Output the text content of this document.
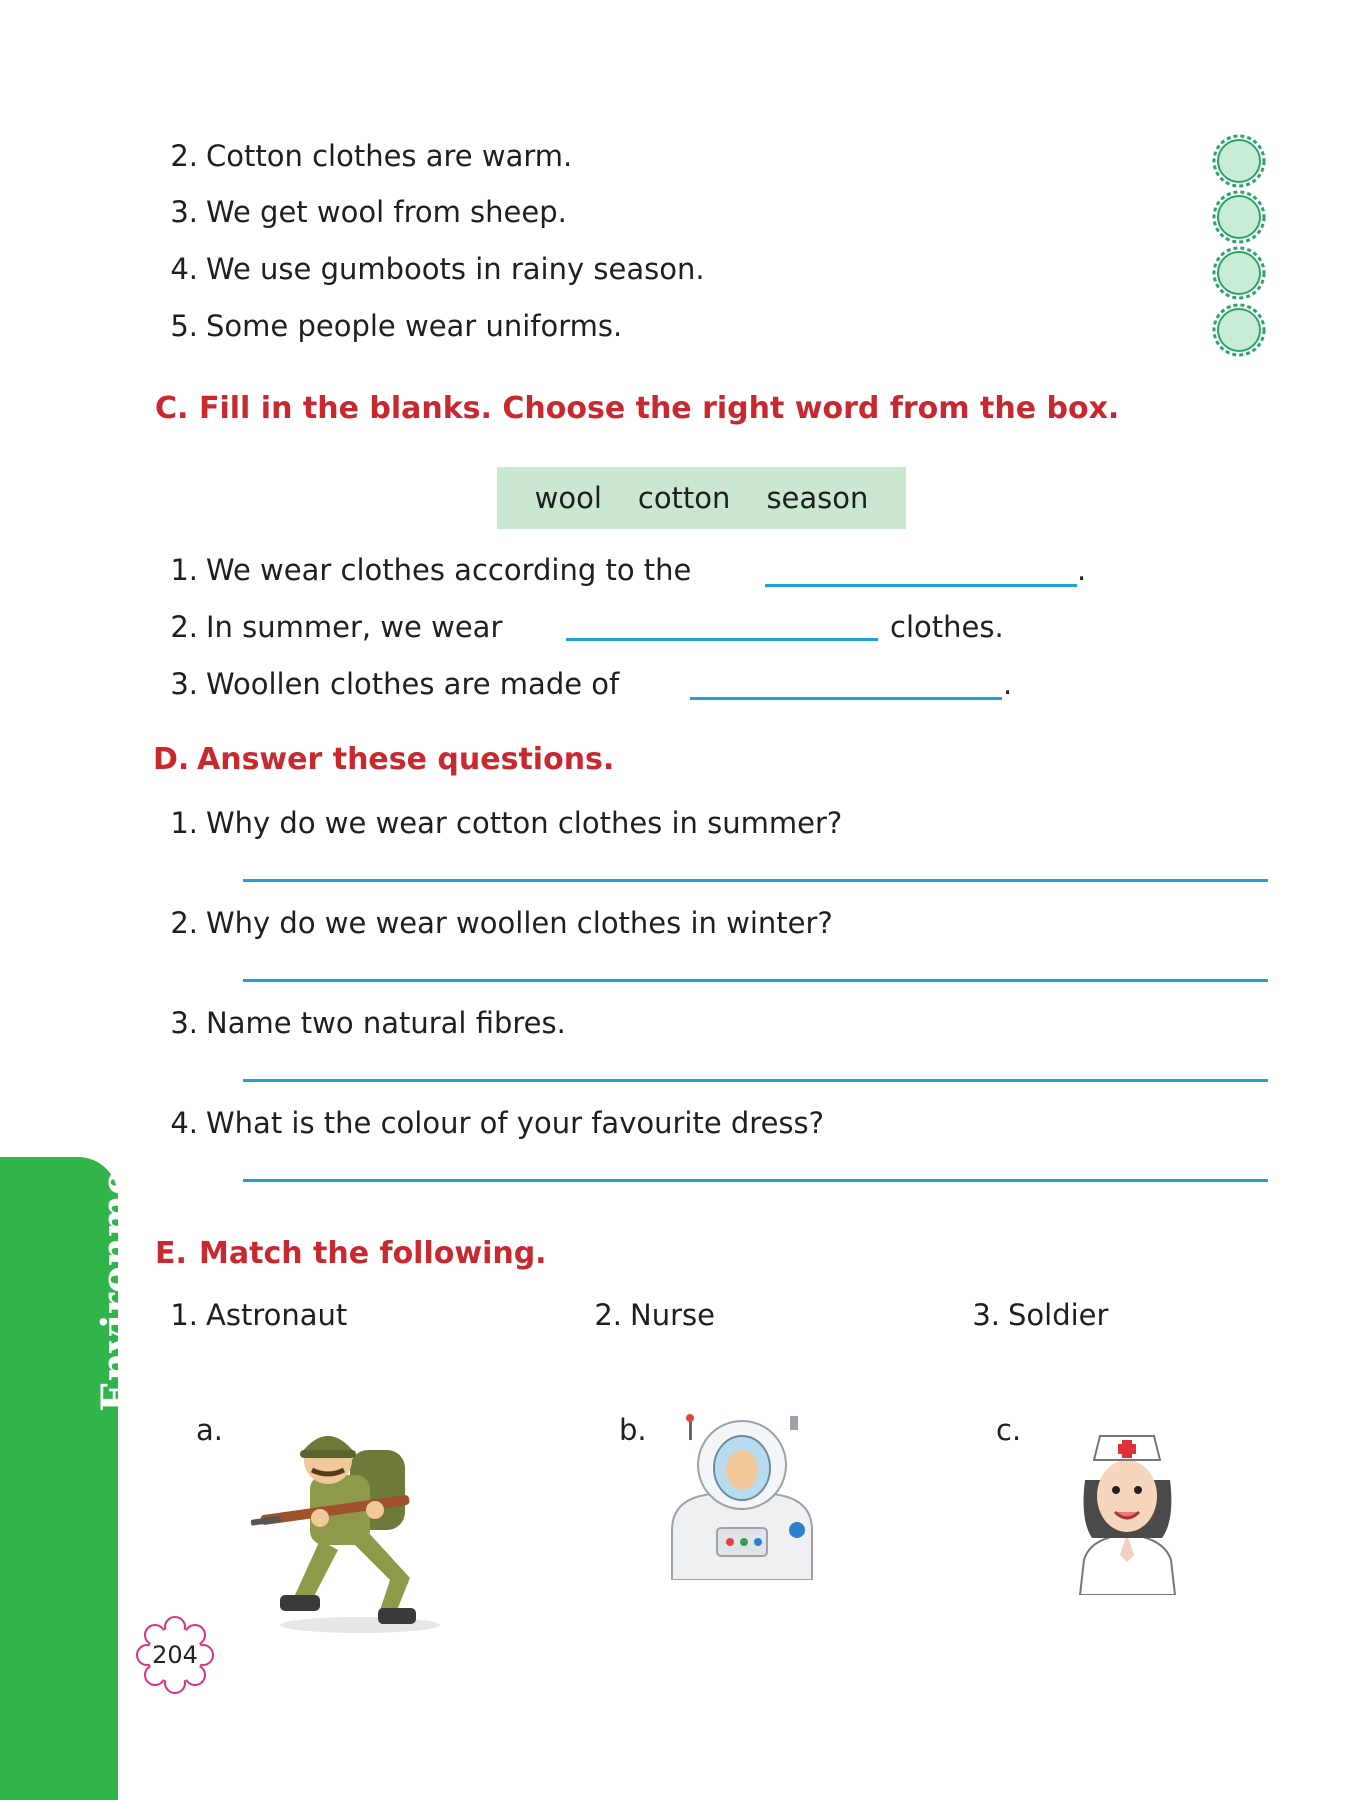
2. Cotton clothes are warm.
3. We get wool from sheep.
4. We use gumboots in rainy season.
5. Some people wear uniforms.
C. Fill in the blanks. Choose the right word from the box.
wool cotton season
1. We wear clothes according to the	.
2. In summer, we wear	clothes.
3. Woollen clothes are made of	.
D. Answer these questions.
1. Why do we wear cotton clothes in summer?
2. Why do we wear woollen clothes in winter?
3. Name two natural fibres.
4. What is the colour of your favourite dress?
E. Match the following.
1. Astronaut	2. Nurse	3. Soldier
a.	b.	c.
Environmental Studies
204
